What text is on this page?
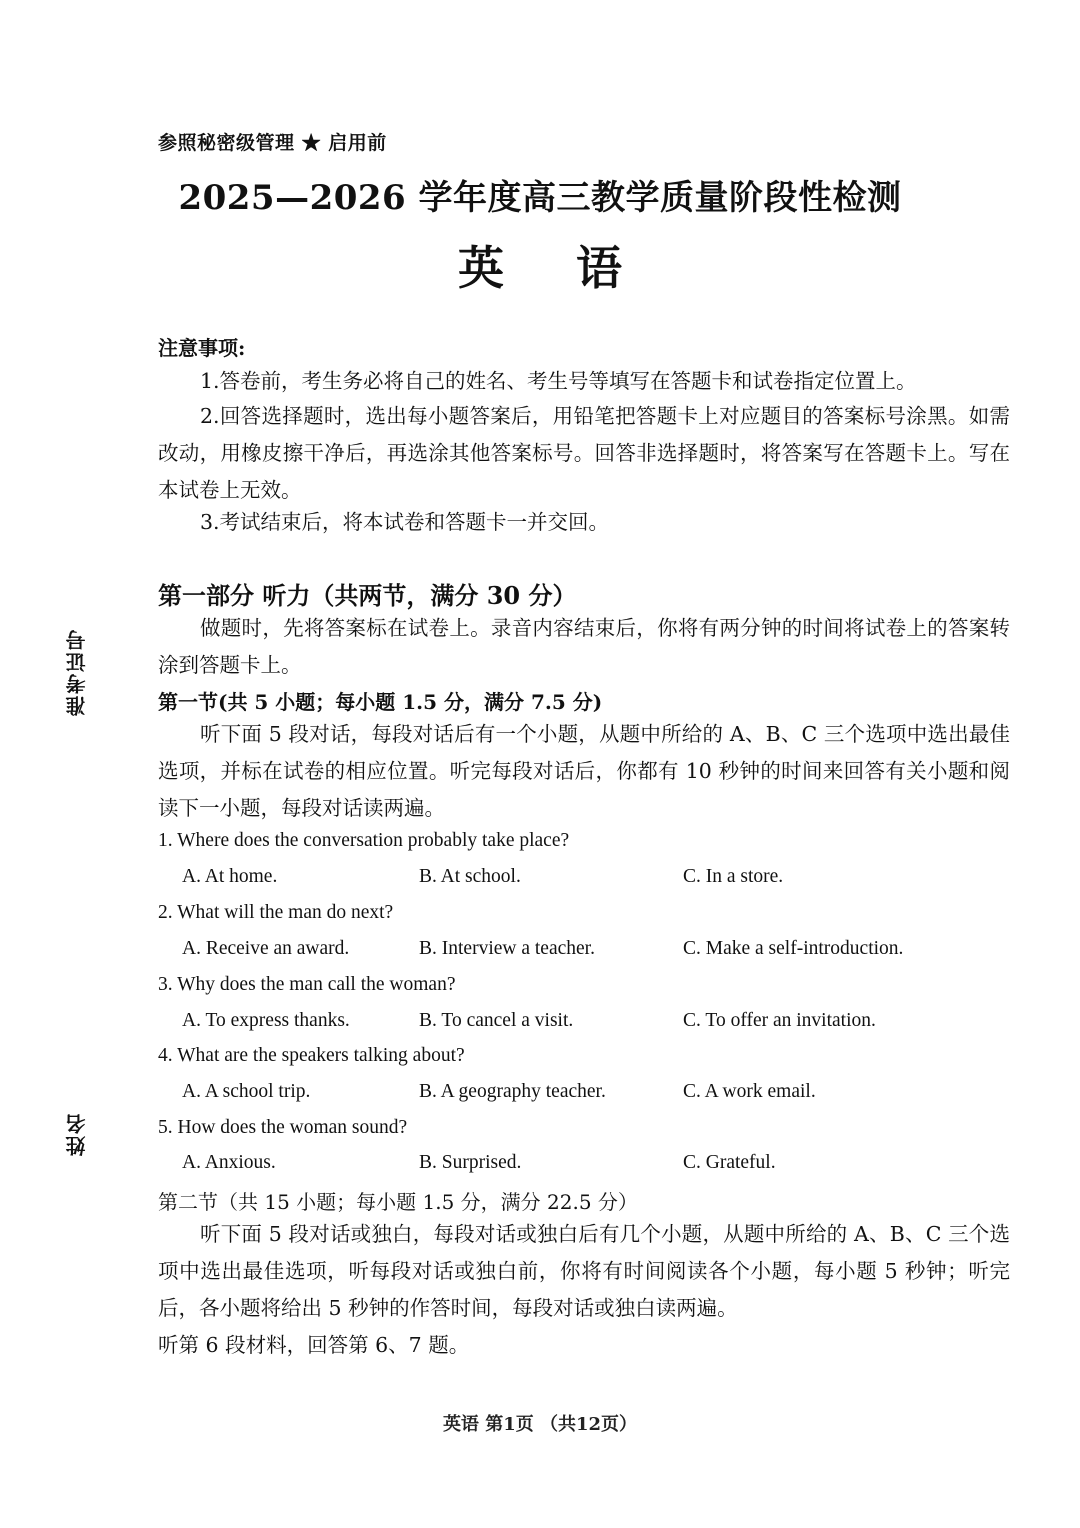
参照秘密级管理 ★ 启用前
2025—2026 学年度高三教学质量阶段性检测
英语
注意事项:
1.答卷前，考生务必将自己的姓名、考生号等填写在答题卡和试卷指定位置上。
2.回答选择题时，选出每小题答案后，用铅笔把答题卡上对应题目的答案标号涂黑。如需改动，用橡皮擦干净后，再选涂其他答案标号。回答非选择题时，将答案写在答题卡上。写在本试卷上无效。
3.考试结束后，将本试卷和答题卡一并交回。
第一部分 听力（共两节，满分 30 分）
做题时，先将答案标在试卷上。录音内容结束后，你将有两分钟的时间将试卷上的答案转涂到答题卡上。
第一节(共 5 小题；每小题 1.5 分，满分 7.5 分)
听下面 5 段对话，每段对话后有一个小题，从题中所给的 A、B、C 三个选项中选出最佳选项，并标在试卷的相应位置。听完每段对话后，你都有 10 秒钟的时间来回答有关小题和阅读下一小题，每段对话读两遍。
1. Where does the conversation probably take place?
A. At home.	B. At school.	C. In a store.
2. What will the man do next?
A. Receive an award.	B. Interview a teacher.	C. Make a self-introduction.
3. Why does the man call the woman?
A. To express thanks.	B. To cancel a visit.	C. To offer an invitation.
4. What are the speakers talking about?
A. A school trip.	B. A geography teacher.	C. A work email.
5. How does the woman sound?
A. Anxious.	B. Surprised.	C. Grateful.
第二节（共 15 小题；每小题 1.5 分，满分 22.5 分）
听下面 5 段对话或独白，每段对话或独白后有几个小题，从题中所给的 A、B、C 三个选项中选出最佳选项，听每段对话或独白前，你将有时间阅读各个小题，每小题 5 秒钟；听完后，各小题将给出 5 秒钟的作答时间，每段对话或独白读两遍。
听第 6 段材料，回答第 6、7 题。
准考证号
姓名
英语 第1页 （共12页）
